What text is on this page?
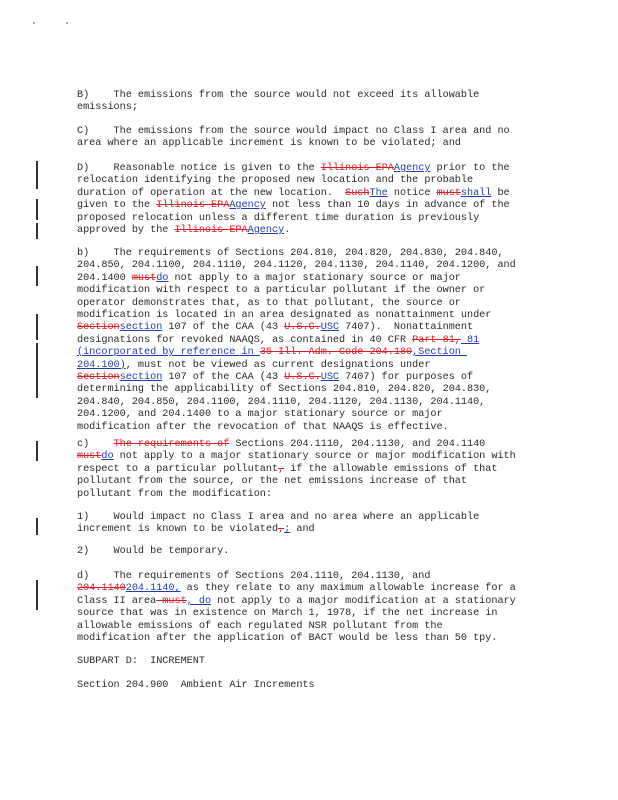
B)    The emissions from the source would not exceed its allowable
emissions;
C)    The emissions from the source would impact no Class I area and no
area where an applicable increment is known to be violated; and
D)    Reasonable notice is given to the Illinois EPAAgency prior to the
relocation identifying the proposed new location and the probable
duration of operation at the new location.  SuchThe notice mustshall be
given to the Illinois EPAAgency not less than 10 days in advance of the
proposed relocation unless a different time duration is previously
approved by the Illinois EPAAgency.
b)    The requirements of Sections 204.810, 204.820, 204.830, 204.840,
204.850, 204.1100, 204.1110, 204.1120, 204.1130, 204.1140, 204.1200, and
204.1400 mustdo not apply to a major stationary source or major
modification with respect to a particular pollutant if the owner or
operator demonstrates that, as to that pollutant, the source or
modification is located in an area designated as nonattainment under
Sectionsection 107 of the CAA (43 U.S.C.USC 7407).  Nonattainment
designations for revoked NAAQS, as contained in 40 CFR Part 81, 81
(incorporated by reference in 35 Ill. Adm. Code 204.180,Section
204.100), must not be viewed as current designations under
Sectionsection 107 of the CAA (43 U.S.C.USC 7407) for purposes of
determining the applicability of Sections 204.810, 204.820, 204.830,
204.840, 204.850, 204.1100, 204.1110, 204.1120, 204.1130, 204.1140,
204.1200, and 204.1400 to a major stationary source or major
modification after the revocation of that NAAQS is effective.
c)    The requirements of Sections 204.1110, 204.1130, and 204.1140
mustdo not apply to a major stationary source or major modification with
respect to a particular pollutant, if the allowable emissions of that
pollutant from the source, or the net emissions increase of that
pollutant from the modification:
1)    Would impact no Class I area and no area where an applicable
increment is known to be violated,; and
2)    Would be temporary.
d)    The requirements of Sections 204.1110, 204.1130, and
204.1140204.1140, as they relate to any maximum allowable increase for a
Class II area must, do not apply to a major modification at a stationary
source that was in existence on March 1, 1978, if the net increase in
allowable emissions of each regulated NSR pollutant from the
modification after the application of BACT would be less than 50 tpy.
SUBPART D:  INCREMENT
Section 204.900  Ambient Air Increments
